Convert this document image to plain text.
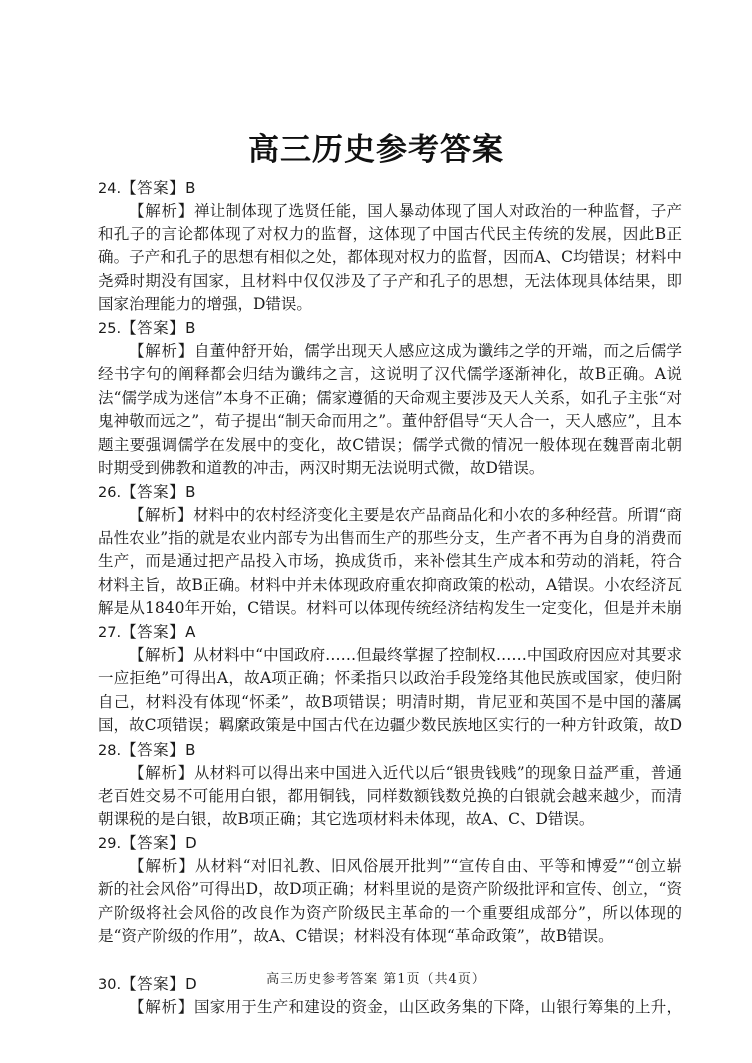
高三历史参考答案
24.【答案】B
【解析】禅让制体现了选贤任能，国人暴动体现了国人对政治的一种监督，子产和孔子的言论都体现了对权力的监督，这体现了中国古代民主传统的发展，因此B正确。子产和孔子的思想有相似之处，都体现对权力的监督，因而A、C均错误；材料中尧舜时期没有国家，且材料中仅仅涉及了子产和孔子的思想，无法体现具体结果，即国家治理能力的增强，D错误。
25.【答案】B
【解析】自董仲舒开始，儒学出现天人感应这成为谶纬之学的开端，而之后儒学经书字句的阐释都会归结为谶纬之言，这说明了汉代儒学逐渐神化，故B正确。A说法“儒学成为迷信”本身不正确；儒家遵循的天命观主要涉及天人关系，如孔子主张“对鬼神敬而远之”，荀子提出“制天命而用之”。董仲舒倡导“天人合一，天人感应”，且本题主要强调儒学在发展中的变化，故C错误；儒学式微的情况一般体现在魏晋南北朝时期受到佛教和道教的冲击，两汉时期无法说明式微，故D错误。
26.【答案】B
【解析】材料中的农村经济变化主要是农产品商品化和小农的多种经营。所谓“商品性农业”指的就是农业内部专为出售而生产的那些分支，生产者不再为自身的消费而生产，而是通过把产品投入市场，换成货币，来补偿其生产成本和劳动的消耗，符合材料主旨，故B正确。材料中并未体现政府重农抑商政策的松动，A错误。小农经济瓦解是从1840年开始，C错误。材料可以体现传统经济结构发生一定变化，但是并未崩
27.【答案】A
【解析】从材料中“中国政府……但最终掌握了控制权……中国政府因应对其要求一应拒绝”可得出A，故A项正确；怀柔指只以政治手段笼络其他民族或国家，使归附自己，材料没有体现“怀柔”，故B项错误；明清时期，肯尼亚和英国不是中国的藩属国，故C项错误；羁縻政策是中国古代在边疆少数民族地区实行的一种方针政策，故D
28.【答案】B
【解析】从材料可以得出来中国进入近代以后“银贵钱贱”的现象日益严重，普通老百姓交易不可能用白银，都用铜钱，同样数额钱数兑换的白银就会越来越少，而清朝课税的是白银，故B项正确；其它选项材料未体现，故A、C、D错误。
29.【答案】D
【解析】从材料“对旧礼教、旧风俗展开批判”“宣传自由、平等和博爱”“创立崭新的社会风俗”可得出D，故D项正确；材料里说的是资产阶级批评和宣传、创立，“资产阶级将社会风俗的改良作为资产阶级民主革命的一个重要组成部分”，所以体现的是“资产阶级的作用”，故A、C错误；材料没有体现“革命政策”，故B错误。
30.【答案】D
【解析】国家用于生产和建设的资金，山区政务集的下降，山银行筹集的上升，
高三历史参考答案 第1页（共4页）
